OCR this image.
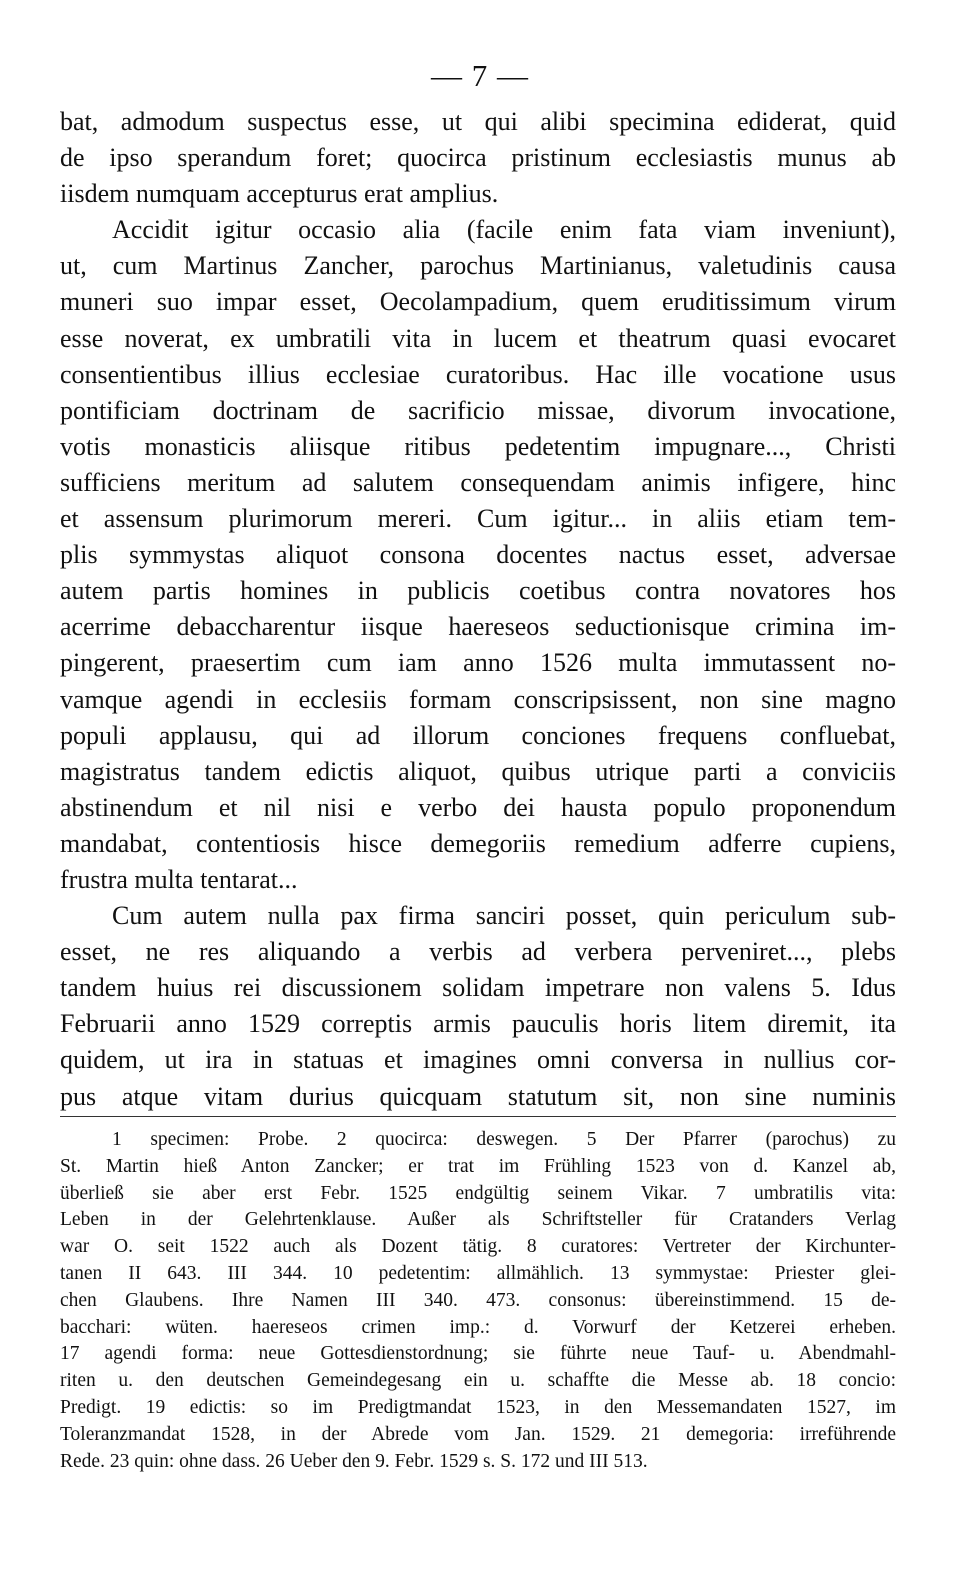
— 7 —
bat, admodum suspectus esse, ut qui alibi specimina ediderat, quid
de ipso sperandum foret; quocirca pristinum ecclesiastis munus ab
iisdem numquam accepturus erat amplius.
Accidit igitur occasio alia (facile enim fata viam inveniunt),
ut, cum Martinus Zancher, parochus Martinianus, valetudinis causa
muneri suo impar esset, Oecolampadium, quem eruditissimum virum
esse noverat, ex umbratili vita in lucem et theatrum quasi evocaret
consentientibus illius ecclesiae curatoribus. Hac ille vocatione usus
pontificiam doctrinam de sacrificio missae, divorum invocatione,
votis monasticis aliisque ritibus pedetentim impugnare..., Christi
sufficiens meritum ad salutem consequendam animis infigere, hinc
et assensum plurimorum mereri. Cum igitur... in aliis etiam tem-
plis symmystas aliquot consona docentes nactus esset, adversae
autem partis homines in publicis coetibus contra novatores hos
acerrime debaccharentur iisque haereseos seductionisque crimina im-
pingerent, praesertim cum iam anno 1526 multa immutassent no-
vamque agendi in ecclesiis formam conscripsissent, non sine magno
populi applausu, qui ad illorum conciones frequens confluebat,
magistratus tandem edictis aliquot, quibus utrique parti a conviciis
abstinendum et nil nisi e verbo dei hausta populo proponendum
mandabat, contentiosis hisce demegoriis remedium adferre cupiens,
frustra multa tentarat...
Cum autem nulla pax firma sanciri posset, quin periculum sub-
esset, ne res aliquando a verbis ad verbera perveniret..., plebs
tandem huius rei discussionem solidam impetrare non valens 5. Idus
Februarii anno 1529 correptis armis pauculis horis litem diremit, ita
quidem, ut ira in statuas et imagines omni conversa in nullius cor-
pus atque vitam durius quicquam statutum sit, non sine numinis
1 specimen: Probe. 2 quocirca: deswegen. 5 Der Pfarrer (parochus) zu
St. Martin hieß Anton Zancker; er trat im Frühling 1523 von d. Kanzel ab,
überließ sie aber erst Febr. 1525 endgültig seinem Vikar. 7 umbratilis vita:
Leben in der Gelehrtenklause. Außer als Schriftsteller für Cratanders Verlag
war O. seit 1522 auch als Dozent tätig. 8 curatores: Vertreter der Kirchunter-
tanen II 643. III 344. 10 pedetentim: allmählich. 13 symmystae: Priester glei-
chen Glaubens. Ihre Namen III 340. 473. consonus: übereinstimmend. 15 de-
bacchari: wüten. haereseos crimen imp.: d. Vorwurf der Ketzerei erheben.
17 agendi forma: neue Gottesdienstordnung; sie führte neue Tauf- u. Abendmahl-
riten u. den deutschen Gemeindegesang ein u. schaffte die Messe ab. 18 concio:
Predigt. 19 edictis: so im Predigtmandat 1523, in den Messemandaten 1527, im
Toleranzmandat 1528, in der Abrede vom Jan. 1529. 21 demegoria: irreführende
Rede. 23 quin: ohne dass. 26 Ueber den 9. Febr. 1529 s. S. 172 und III 513.
